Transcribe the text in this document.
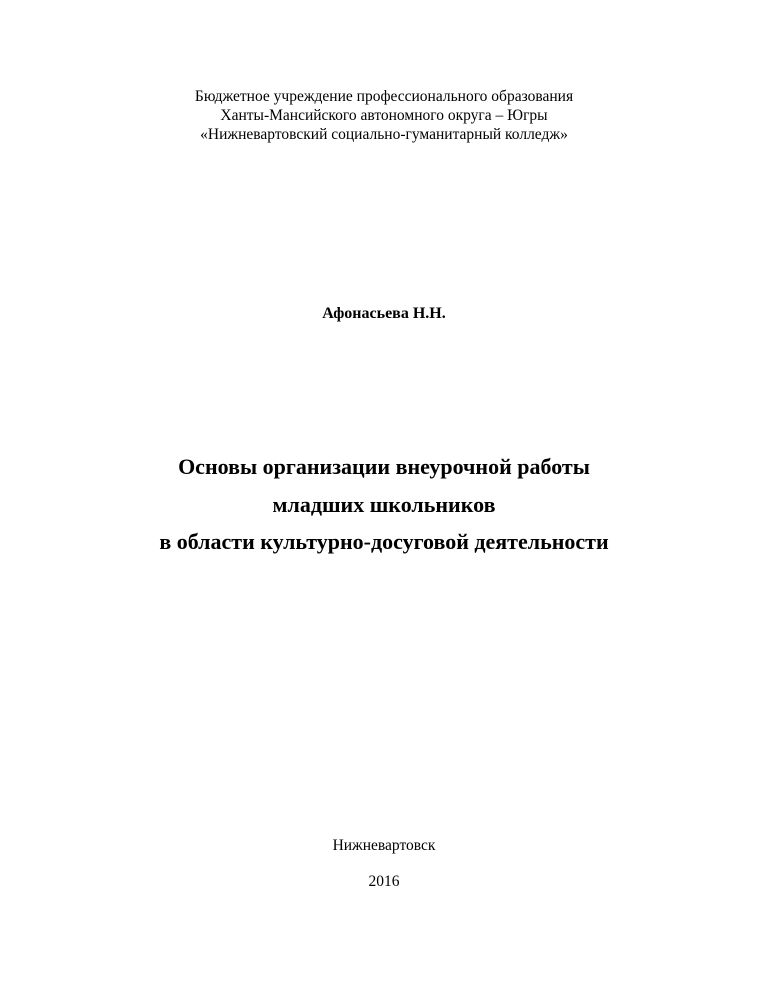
Бюджетное учреждение профессионального образования
Ханты-Мансийского автономного округа – Югры
«Нижневартовский социально-гуманитарный колледж»
Афонасьева Н.Н.
Основы организации внеурочной работы
младших школьников
в области культурно-досуговой деятельности
Нижневартовск
2016
